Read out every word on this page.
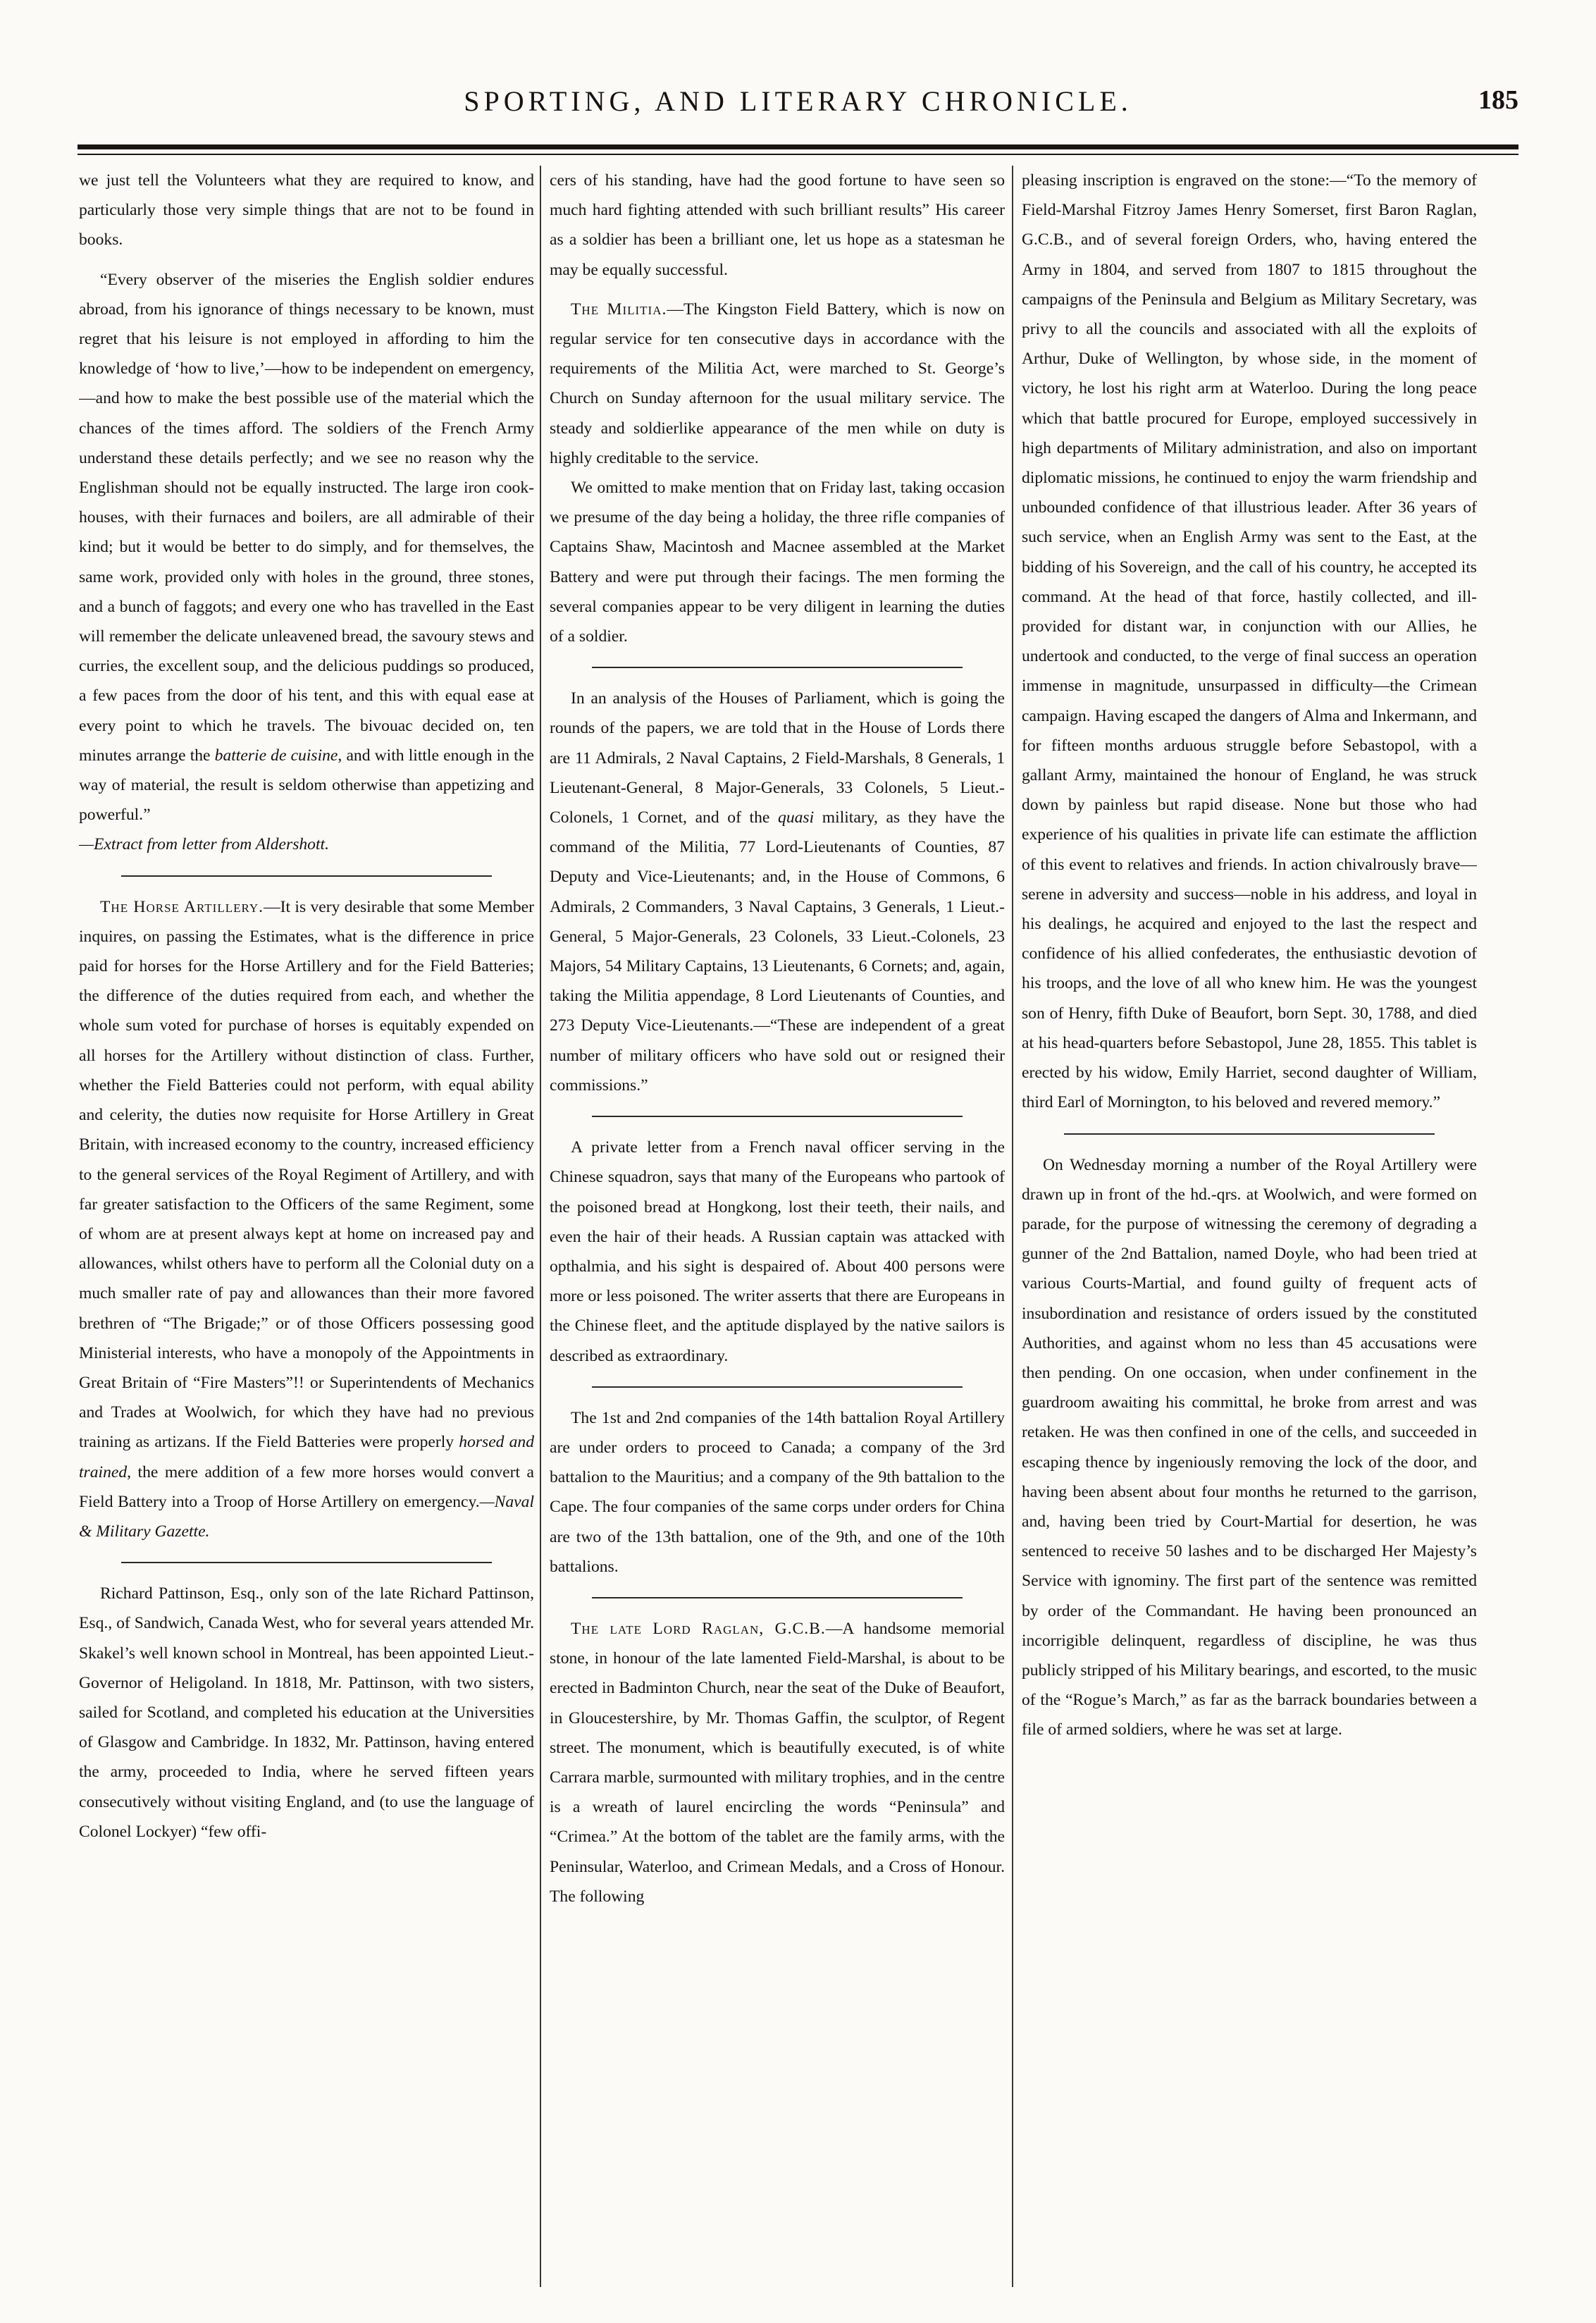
SPORTING, AND LITERARY CHRONICLE.	185

we just tell the Volunteers what they are required to know, and particularly those very simple things that are not to be found in books.

“Every observer of the miseries the English soldier endures abroad, from his ignorance of things necessary to be known, must regret that his leisure is not employed in affording to him the knowledge of ‘how to live,’—how to be independent on emergency,—and how to make the best possible use of the material which the chances of the times afford. The soldiers of the French Army understand these details perfectly; and we see no reason why the Englishman should not be equally instructed. The large iron cook-houses, with their furnaces and boilers, are all admirable of their kind; but it would be better to do simply, and for themselves, the same work, provided only with holes in the ground, three stones, and a bunch of faggots; and every one who has travelled in the East will remember the delicate unleavened bread, the savoury stews and curries, the excellent soup, and the delicious puddings so produced, a few paces from the door of his tent, and this with equal ease at every point to which he travels. The bivouac decided on, ten minutes arrange the batterie de cuisine, and with little enough in the way of material, the result is seldom otherwise than appetizing and powerful.”

—Extract from letter from Aldershott.

The Horse Artillery.—It is very desirable that some Member inquires, on passing the Estimates, what is the difference in price paid for horses for the Horse Artillery and for the Field Batteries; the difference of the duties required from each, and whether the whole sum voted for purchase of horses is equitably expended on all horses for the Artillery without distinction of class. Further, whether the Field Batteries could not perform, with equal ability and celerity, the duties now requisite for Horse Artillery in Great Britain, with increased economy to the country, increased efficiency to the general services of the Royal Regiment of Artillery, and with far greater satisfaction to the Officers of the same Regiment, some of whom are at present always kept at home on increased pay and allowances, whilst others have to perform all the Colonial duty on a much smaller rate of pay and allowances than their more favored brethren of “The Brigade;” or of those Officers possessing good Ministerial interests, who have a monopoly of the Appointments in Great Britain of “Fire Masters”!! or Superintendents of Mechanics and Trades at Woolwich, for which they have had no previous training as artizans. If the Field Batteries were properly horsed and trained, the mere addition of a few more horses would convert a Field Battery into a Troop of Horse Artillery on emergency.—Naval & Military Gazette.

Richard Pattinson, Esq., only son of the late Richard Pattinson, Esq., of Sandwich, Canada West, who for several years attended Mr. Skakel’s well known school in Montreal, has been appointed Lieut.-Governor of Heligoland. In 1818, Mr. Pattinson, with two sisters, sailed for Scotland, and completed his education at the Universities of Glasgow and Cambridge. In 1832, Mr. Pattinson, having entered the army, proceeded to India, where he served fifteen years consecutively without visiting England, and (to use the language of Colonel Lockyer) “few offi-

cers of his standing, have had the good fortune to have seen so much hard fighting attended with such brilliant results” His career as a soldier has been a brilliant one, let us hope as a statesman he may be equally successful.

The Militia.—The Kingston Field Battery, which is now on regular service for ten consecutive days in accordance with the requirements of the Militia Act, were marched to St. George’s Church on Sunday afternoon for the usual military service. The steady and soldierlike appearance of the men while on duty is highly creditable to the service.

We omitted to make mention that on Friday last, taking occasion we presume of the day being a holiday, the three rifle companies of Captains Shaw, Macintosh and Macnee assembled at the Market Battery and were put through their facings. The men forming the several companies appear to be very diligent in learning the duties of a soldier.

In an analysis of the Houses of Parliament, which is going the rounds of the papers, we are told that in the House of Lords there are 11 Admirals, 2 Naval Captains, 2 Field-Marshals, 8 Generals, 1 Lieutenant-General, 8 Major-Generals, 33 Colonels, 5 Lieut.-Colonels, 1 Cornet, and of the quasi military, as they have the command of the Militia, 77 Lord-Lieutenants of Counties, 87 Deputy and Vice-Lieutenants; and, in the House of Commons, 6 Admirals, 2 Commanders, 3 Naval Captains, 3 Generals, 1 Lieut.-General, 5 Major-Generals, 23 Colonels, 33 Lieut.-Colonels, 23 Majors, 54 Military Captains, 13 Lieutenants, 6 Cornets; and, again, taking the Militia appendage, 8 Lord Lieutenants of Counties, and 273 Deputy Vice-Lieutenants.—“These are independent of a great number of military officers who have sold out or resigned their commissions.”

A private letter from a French naval officer serving in the Chinese squadron, says that many of the Europeans who partook of the poisoned bread at Hongkong, lost their teeth, their nails, and even the hair of their heads. A Russian captain was attacked with opthalmia, and his sight is despaired of. About 400 persons were more or less poisoned. The writer asserts that there are Europeans in the Chinese fleet, and the aptitude displayed by the native sailors is described as extraordinary.

The 1st and 2nd companies of the 14th battalion Royal Artillery are under orders to proceed to Canada; a company of the 3rd battalion to the Mauritius; and a company of the 9th battalion to the Cape. The four companies of the same corps under orders for China are two of the 13th battalion, one of the 9th, and one of the 10th battalions.

The late Lord Raglan, G.C.B.—A handsome memorial stone, in honour of the late lamented Field-Marshal, is about to be erected in Badminton Church, near the seat of the Duke of Beaufort, in Gloucestershire, by Mr. Thomas Gaffin, the sculptor, of Regent street. The monument, which is beautifully executed, is of white Carrara marble, surmounted with military trophies, and in the centre is a wreath of laurel encircling the words “Peninsula” and “Crimea.” At the bottom of the tablet are the family arms, with the Peninsular, Waterloo, and Crimean Medals, and a Cross of Honour. The following

pleasing inscription is engraved on the stone:—“To the memory of Field-Marshal Fitzroy James Henry Somerset, first Baron Raglan, G.C.B., and of several foreign Orders, who, having entered the Army in 1804, and served from 1807 to 1815 throughout the campaigns of the Peninsula and Belgium as Military Secretary, was privy to all the councils and associated with all the exploits of Arthur, Duke of Wellington, by whose side, in the moment of victory, he lost his right arm at Waterloo. During the long peace which that battle procured for Europe, employed successively in high departments of Military administration, and also on important diplomatic missions, he continued to enjoy the warm friendship and unbounded confidence of that illustrious leader. After 36 years of such service, when an English Army was sent to the East, at the bidding of his Sovereign, and the call of his country, he accepted its command. At the head of that force, hastily collected, and ill-provided for distant war, in conjunction with our Allies, he undertook and conducted, to the verge of final success an operation immense in magnitude, unsurpassed in difficulty—the Crimean campaign. Having escaped the dangers of Alma and Inkermann, and for fifteen months arduous struggle before Sebastopol, with a gallant Army, maintained the honour of England, he was struck down by painless but rapid disease. None but those who had experience of his qualities in private life can estimate the affliction of this event to relatives and friends. In action chivalrously brave—serene in adversity and success—noble in his address, and loyal in his dealings, he acquired and enjoyed to the last the respect and confidence of his allied confederates, the enthusiastic devotion of his troops, and the love of all who knew him. He was the youngest son of Henry, fifth Duke of Beaufort, born Sept. 30, 1788, and died at his head-quarters before Sebastopol, June 28, 1855. This tablet is erected by his widow, Emily Harriet, second daughter of William, third Earl of Mornington, to his beloved and revered memory.”

On Wednesday morning a number of the Royal Artillery were drawn up in front of the hd.-qrs. at Woolwich, and were formed on parade, for the purpose of witnessing the ceremony of degrading a gunner of the 2nd Battalion, named Doyle, who had been tried at various Courts-Martial, and found guilty of frequent acts of insubordination and resistance of orders issued by the constituted Authorities, and against whom no less than 45 accusations were then pending. On one occasion, when under confinement in the guardroom awaiting his committal, he broke from arrest and was retaken. He was then confined in one of the cells, and succeeded in escaping thence by ingeniously removing the lock of the door, and having been absent about four months he returned to the garrison, and, having been tried by Court-Martial for desertion, he was sentenced to receive 50 lashes and to be discharged Her Majesty’s Service with ignominy. The first part of the sentence was remitted by order of the Commandant. He having been pronounced an incorrigible delinquent, regardless of discipline, he was thus publicly stripped of his Military bearings, and escorted, to the music of the “Rogue’s March,” as far as the barrack boundaries between a file of armed soldiers, where he was set at large.
